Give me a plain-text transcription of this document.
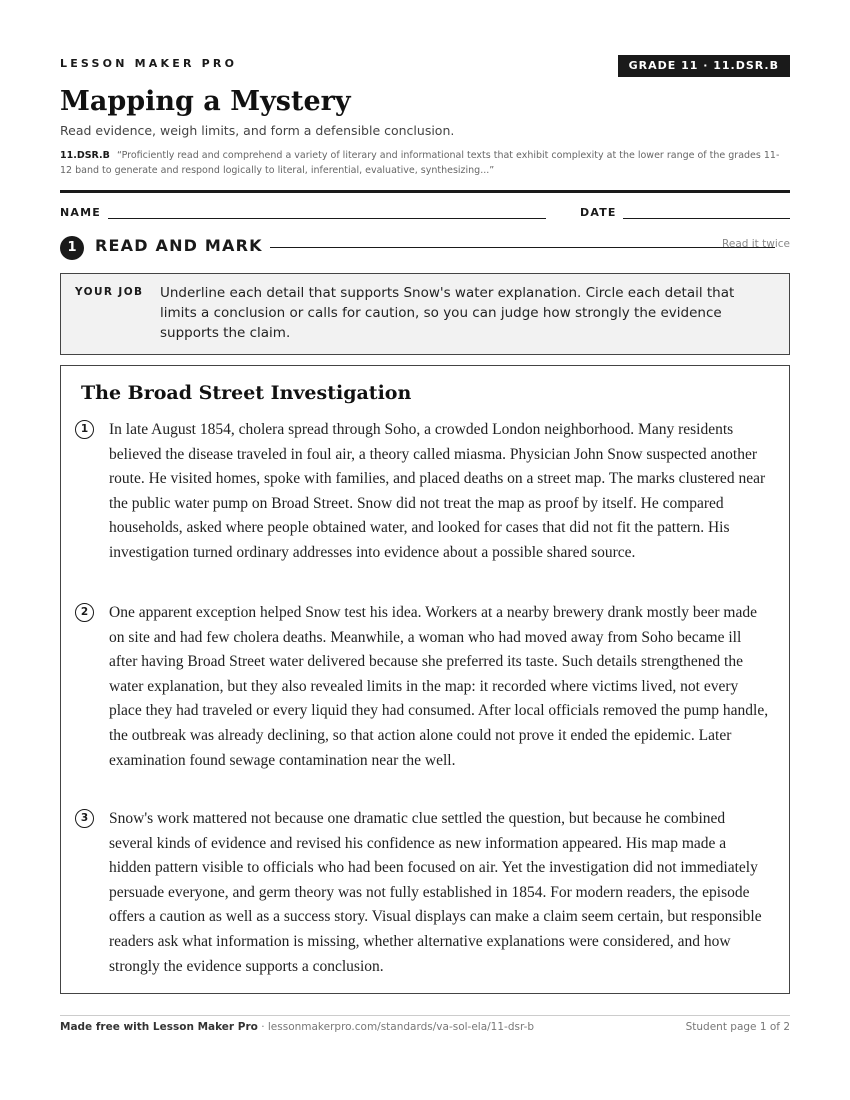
LESSON MAKER PRO	GRADE 11 · 11.DSR.B
Mapping a Mystery
Read evidence, weigh limits, and form a defensible conclusion.
11.DSR.B “Proficiently read and comprehend a variety of literary and informational texts that exhibit complexity at the lower range of the grades 11-12 band to generate and respond logically to literal, inferential, evaluative, synthesizing...”
NAME	DATE
1	READ AND MARK	Read it twice
YOUR JOB Underline each detail that supports Snow's water explanation. Circle each detail that limits a conclusion or calls for caution, so you can judge how strongly the evidence supports the claim.
The Broad Street Investigation
1	In late August 1854, cholera spread through Soho, a crowded London neighborhood. Many residents believed the disease traveled in foul air, a theory called miasma. Physician John Snow suspected another route. He visited homes, spoke with families, and placed deaths on a street map. The marks clustered near the public water pump on Broad Street. Snow did not treat the map as proof by itself. He compared households, asked where people obtained water, and looked for cases that did not fit the pattern. His investigation turned ordinary addresses into evidence about a possible shared source.

2	One apparent exception helped Snow test his idea. Workers at a nearby brewery drank mostly beer made on site and had few cholera deaths. Meanwhile, a woman who had moved away from Soho became ill after having Broad Street water delivered because she preferred its taste. Such details strengthened the water explanation, but they also revealed limits in the map: it recorded where victims lived, not every place they had traveled or every liquid they had consumed. After local officials removed the pump handle, the outbreak was already declining, so that action alone could not prove it ended the epidemic. Later examination found sewage contamination near the well.

3	Snow's work mattered not because one dramatic clue settled the question, but because he combined several kinds of evidence and revised his confidence as new information appeared. His map made a hidden pattern visible to officials who had been focused on air. Yet the investigation did not immediately persuade everyone, and germ theory was not fully established in 1854. For modern readers, the episode offers a caution as well as a success story. Visual displays can make a claim seem certain, but responsible readers ask what information is missing, whether alternative explanations were considered, and how strongly the evidence supports a conclusion.

Made free with Lesson Maker Pro · lessonmakerpro.com/standards/va-sol-ela/11-dsr-b	Student page 1 of 2
